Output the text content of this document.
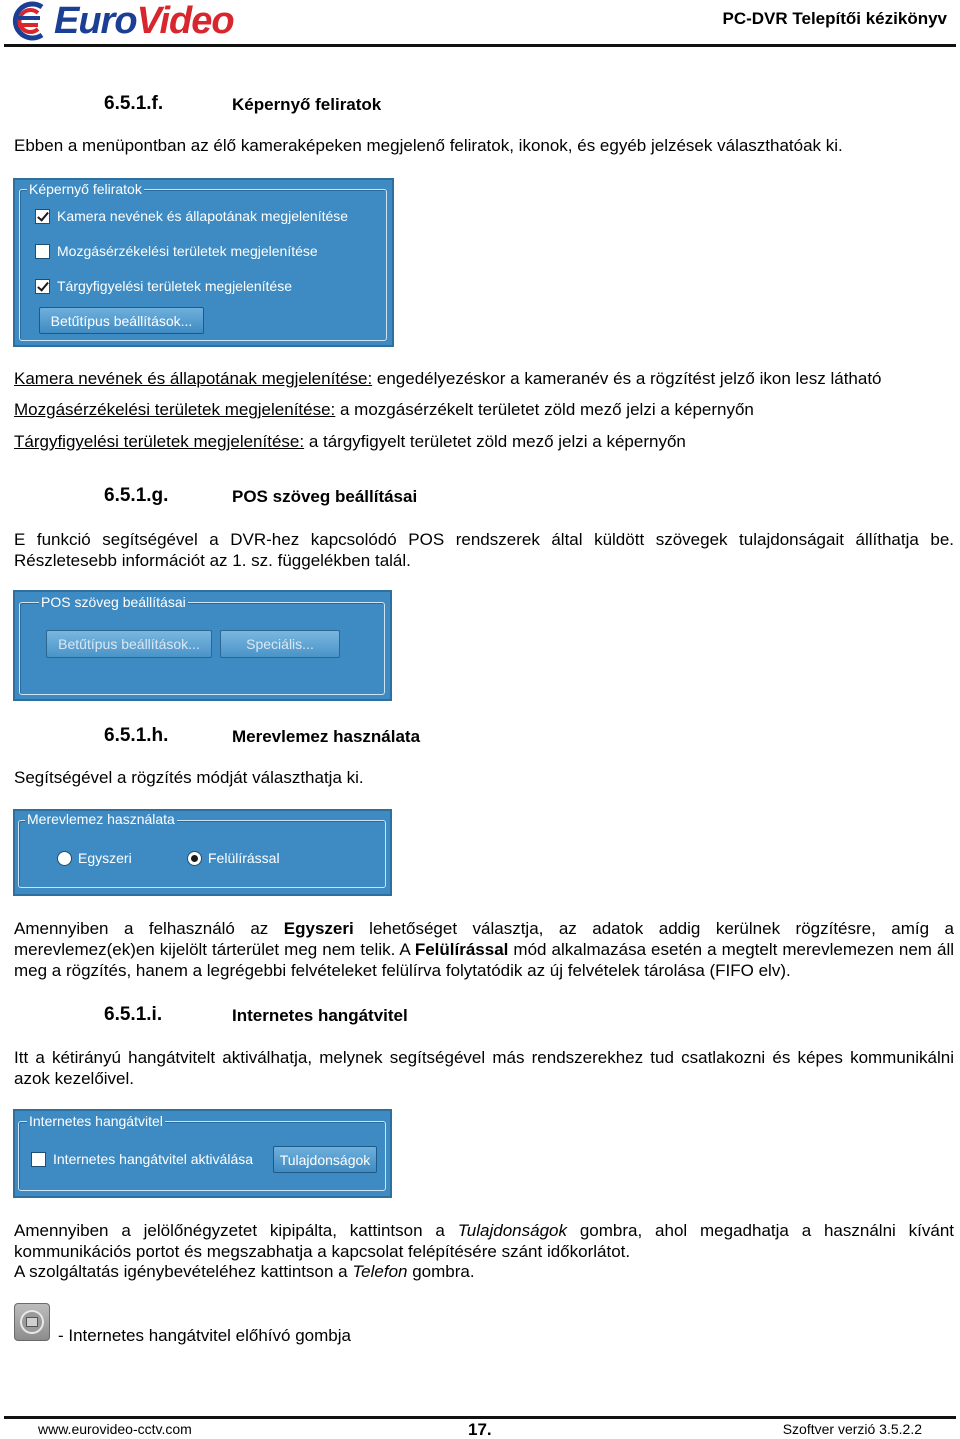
EuroVideo	PC-DVR Telepítői kézikönyv
6.5.1.f.	Képernyő feliratok
Ebben a menüpontban az élő kameraképeken megjelenő feliratok, ikonok, és egyéb jelzések választhatóak ki.
Képernyő feliratok
Kamera nevének és állapotának megjelenítése
Mozgásérzékelési területek megjelenítése
Tárgyfigyelési területek megjelenítése
Betűtípus beállítások...
Kamera nevének és állapotának megjelenítése: engedélyezéskor a kameranév és a rögzítést jelző ikon lesz látható
Mozgásérzékelési területek megjelenítése: a mozgásérzékelt területet zöld mező jelzi a képernyőn
Tárgyfigyelési területek megjelenítése: a tárgyfigyelt területet zöld mező jelzi a képernyőn
6.5.1.g.	POS szöveg beállításai
E funkció segítségével a DVR-hez kapcsolódó POS rendszerek által küldött szövegek tulajdonságait állíthatja be. Részletesebb információt az 1. sz. függelékben talál.
POS szöveg beállításai
Betűtípus beállítások...	Speciális...
6.5.1.h.	Merevlemez használata
Segítségével a rögzítés módját választhatja ki.
Merevlemez használata
Egyszeri	Felülírással
Amennyiben a felhasználó az Egyszeri lehetőséget választja, az adatok addig kerülnek rögzítésre, amíg a merevlemez(ek)en kijelölt tárterület meg nem telik. A Felülírással mód alkalmazása esetén a megtelt merevlemezen nem áll meg a rögzítés, hanem a legrégebbi felvételeket felülírva folytatódik az új felvételek tárolása (FIFO elv).
6.5.1.i.	Internetes hangátvitel
Itt a kétirányú hangátvitelt aktiválhatja, melynek segítségével más rendszerekhez tud csatlakozni és képes kommunikálni azok kezelőivel.
Internetes hangátvitel
Internetes hangátvitel aktiválása	Tulajdonságok
Amennyiben a jelölőnégyzetet kipipálta, kattintson a Tulajdonságok gombra, ahol megadhatja a használni kívánt kommunikációs portot és megszabhatja a kapcsolat felépítésére szánt időkorlátot.
A szolgáltatás igénybevételéhez kattintson a Telefon gombra.
- Internetes hangátvitel előhívó gombja
www.eurovideo-cctv.com	17.	Szoftver verzió 3.5.2.2
